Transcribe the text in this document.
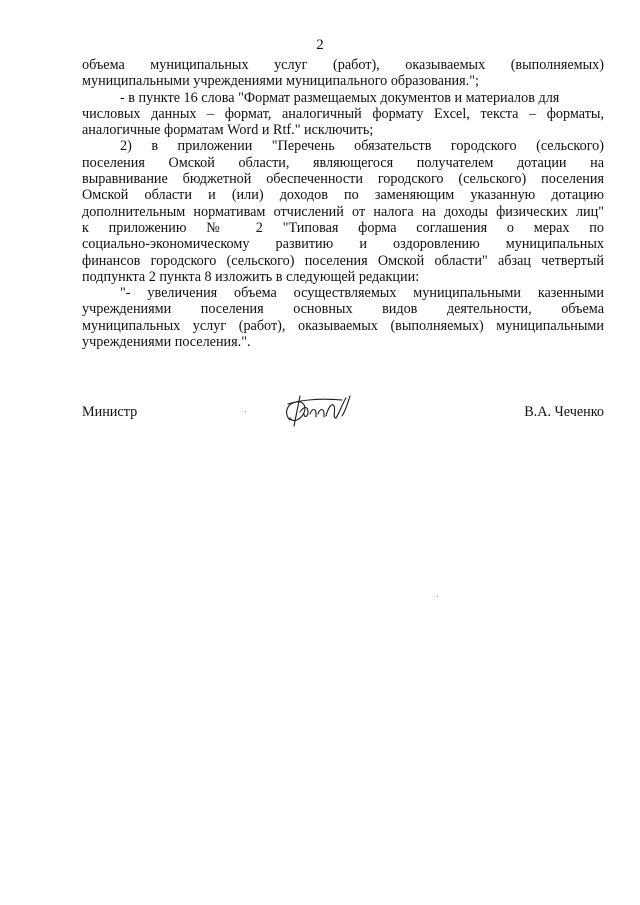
2
объема муниципальных услуг (работ), оказываемых (выполняемых)
муниципальными учреждениями муниципального образования.";
- в пункте 16 слова "Формат размещаемых документов и материалов для
числовых данных – формат, аналогичный формату Excel, текста – форматы,
аналогичные форматам Word и Rtf." исключить;
2) в приложении "Перечень обязательств городского (сельского)
поселения Омской области, являющегося получателем дотации на
выравнивание бюджетной обеспеченности городского (сельского) поселения
Омской области и (или) доходов по заменяющим указанную дотацию
дополнительным нормативам отчислений от налога на доходы физических лиц"
к приложению № 2 "Типовая форма соглашения о мерах по
социально-экономическому развитию и оздоровлению муниципальных
финансов городского (сельского) поселения Омской области" абзац четвертый
подпункта 2 пункта 8 изложить в следующей редакции:
"- увеличения объема осуществляемых муниципальными казенными
учреждениями поселения основных видов деятельности, объема
муниципальных услуг (работ), оказываемых (выполняемых) муниципальными
учреждениями поселения.".
Министр	В.А. Чеченко
